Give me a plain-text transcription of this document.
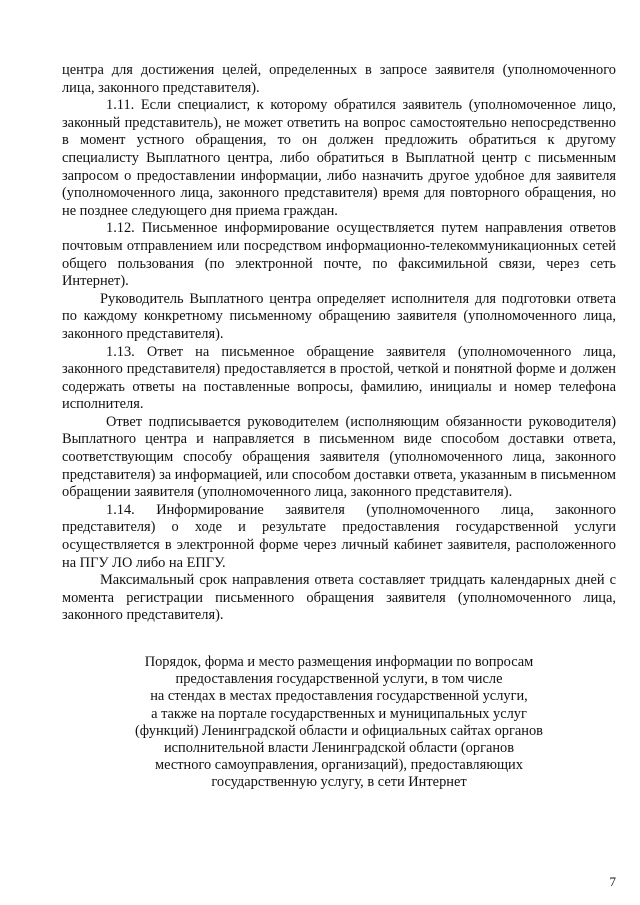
центра для достижения целей, определенных в запросе заявителя (уполномоченного лица, законного представителя).

1.11. Если специалист, к которому обратился заявитель (уполномоченное лицо, законный представитель), не может ответить на вопрос самостоятельно непосредственно в момент устного обращения, то он должен предложить обратиться к другому специалисту Выплатного центра, либо обратиться в Выплатной центр с письменным запросом о предоставлении информации, либо назначить другое удобное для заявителя (уполномоченного лица, законного представителя) время для повторного обращения, но не позднее следующего дня приема граждан.

1.12. Письменное информирование осуществляется путем направления ответов почтовым отправлением или посредством информационно-телекоммуникационных сетей общего пользования (по электронной почте, по факсимильной связи, через сеть Интернет).

Руководитель Выплатного центра определяет исполнителя для подготовки ответа по каждому конкретному письменному обращению заявителя (уполномоченного лица, законного представителя).

1.13. Ответ на письменное обращение заявителя (уполномоченного лица, законного представителя) предоставляется в простой, четкой и понятной форме и должен содержать ответы на поставленные вопросы, фамилию, инициалы и номер телефона исполнителя.

Ответ подписывается руководителем (исполняющим обязанности руководителя) Выплатного центра и направляется в письменном виде способом доставки ответа, соответствующим способу обращения заявителя (уполномоченного лица, законного представителя) за информацией, или способом доставки ответа, указанным в письменном обращении заявителя (уполномоченного лица, законного представителя).

1.14. Информирование заявителя (уполномоченного лица, законного представителя) о ходе и результате предоставления государственной услуги осуществляется в электронной форме через личный кабинет заявителя, расположенного на ПГУ ЛО либо на ЕПГУ.

Максимальный срок направления ответа составляет тридцать календарных дней с момента регистрации письменного обращения заявителя (уполномоченного лица, законного представителя).

Порядок, форма и место размещения информации по вопросам
предоставления государственной услуги, в том числе
на стендах в местах предоставления государственной услуги,
а также на портале государственных и муниципальных услуг
(функций) Ленинградской области и официальных сайтах органов
исполнительной власти Ленинградской области (органов
местного самоуправления, организаций), предоставляющих
государственную услугу, в сети Интернет
7
